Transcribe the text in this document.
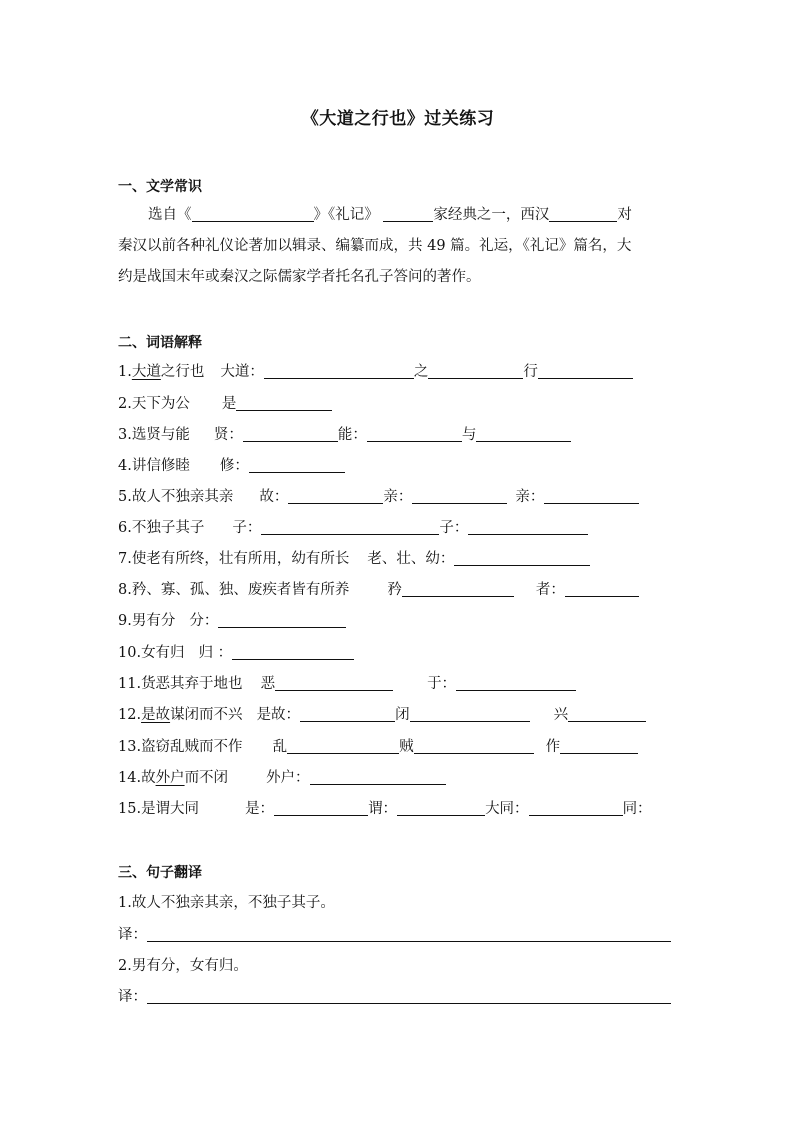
《大道之行也》过关练习
一、文学常识
选自《	》《礼记》	家经典之一，西汉	对
秦汉以前各种礼仪论著加以辑录、编纂而成，共 49 篇。礼运，《礼记》篇名，大
约是战国末年或秦汉之际儒家学者托名孔子答问的著作。
二、词语解释
1.大道之行也 大道：	之	行
2.天下为公 是
3.选贤与能 贤：	能：	与
4.讲信修睦 修：
5.故人不独亲其亲 故：	亲：	亲：
6.不独子其子 子：	子：
7.使老有所终，壮有所用，幼有所长 老、壮、幼：
8.矜、寡、孤、独、废疾者皆有所养	矜	者：
9.男有分 分：
10.女有归 归 ：
11.货恶其弃于地也 恶	于：
12.是故谋闭而不兴 是故：	闭	兴
13.盗窃乱贼而不作 乱	贼	作
14.故外户而不闭	外户：
15.是谓大同	是：	谓：	大同：	同：
三、句子翻译
1.故人不独亲其亲，不独子其子。
译：
2.男有分，女有归。
译：
